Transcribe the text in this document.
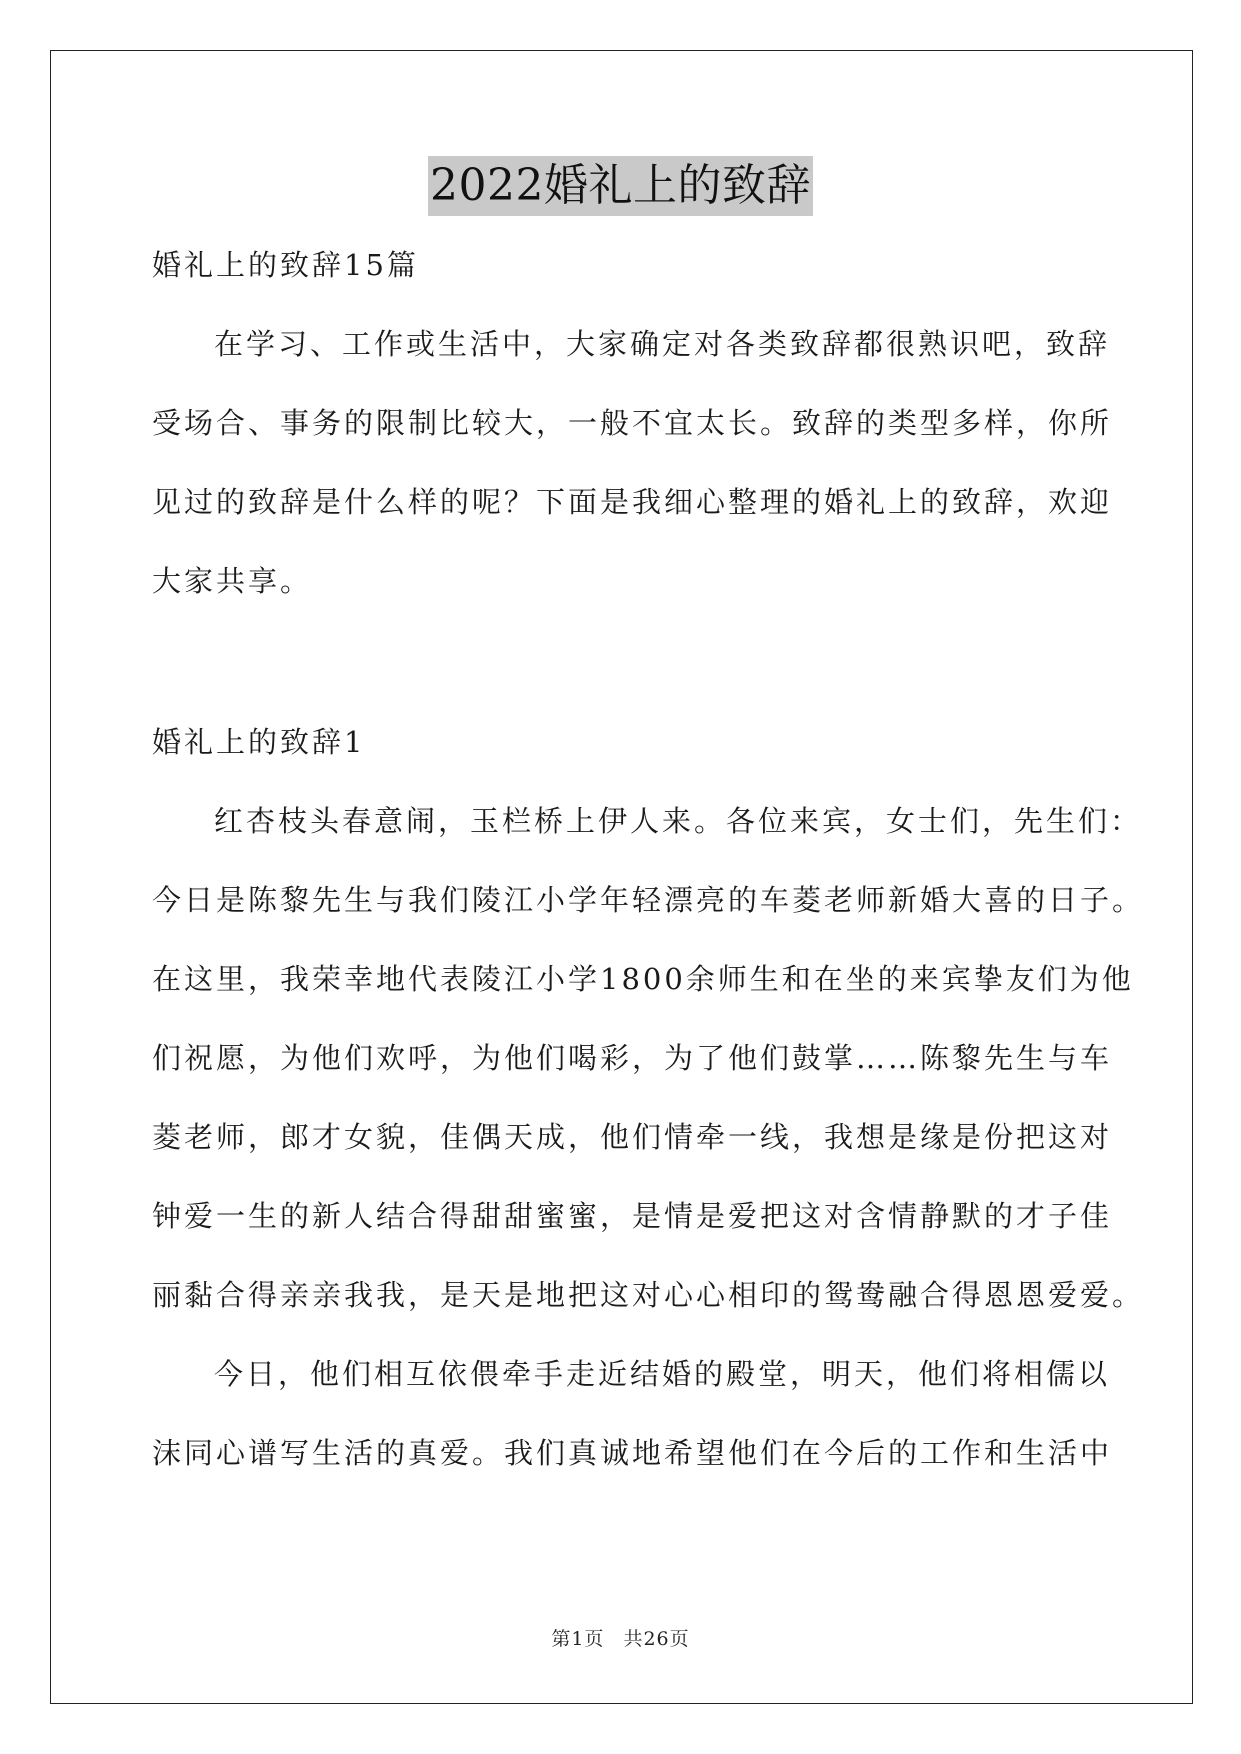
2022婚礼上的致辞
婚礼上的致辞15篇
在学习、工作或生活中，大家确定对各类致辞都很熟识吧，致辞
受场合、事务的限制比较大，一般不宜太长。致辞的类型多样，你所
见过的致辞是什么样的呢？下面是我细心整理的婚礼上的致辞，欢迎
大家共享。
婚礼上的致辞1
红杏枝头春意闹，玉栏桥上伊人来。各位来宾，女士们，先生们：
今日是陈黎先生与我们陵江小学年轻漂亮的车菱老师新婚大喜的日子。
在这里，我荣幸地代表陵江小学1800余师生和在坐的来宾挚友们为他
们祝愿，为他们欢呼，为他们喝彩，为了他们鼓掌……陈黎先生与车
菱老师，郎才女貌，佳偶天成，他们情牵一线，我想是缘是份把这对
钟爱一生的新人结合得甜甜蜜蜜，是情是爱把这对含情静默的才子佳
丽黏合得亲亲我我，是天是地把这对心心相印的鸳鸯融合得恩恩爱爱。
今日，他们相互依偎牵手走近结婚的殿堂，明天，他们将相儒以
沫同心谱写生活的真爱。我们真诚地希望他们在今后的工作和生活中
第1页 共26页
